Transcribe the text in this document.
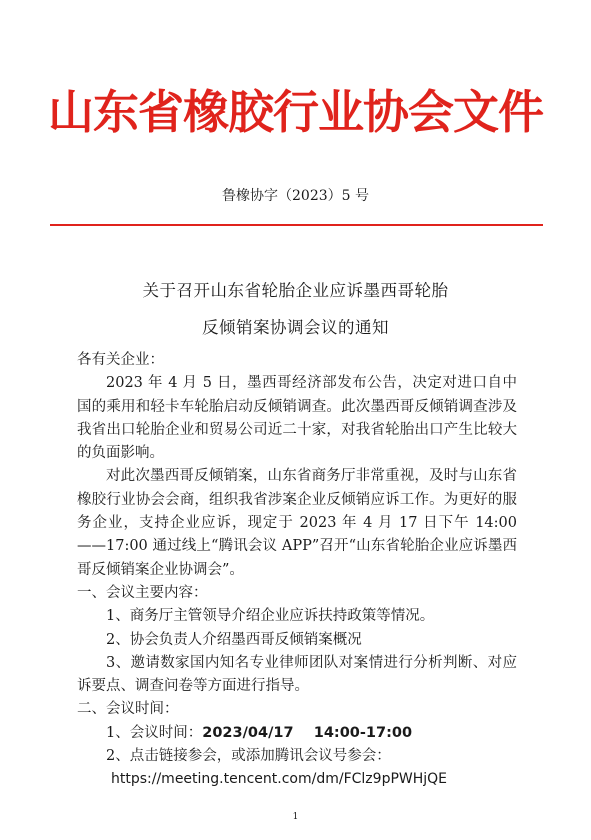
山东省橡胶行业协会文件
鲁橡协字（2023）5 号
关于召开山东省轮胎企业应诉墨西哥轮胎
反倾销案协调会议的通知

各有关企业：

2023 年 4 月 5 日，墨西哥经济部发布公告，决定对进口自中国的乘用和轻卡车轮胎启动反倾销调查。此次墨西哥反倾销调查涉及我省出口轮胎企业和贸易公司近二十家，对我省轮胎出口产生比较大的负面影响。

对此次墨西哥反倾销案，山东省商务厅非常重视，及时与山东省橡胶行业协会会商，组织我省涉案企业反倾销应诉工作。为更好的服务企业，支持企业应诉，现定于 2023 年 4 月 17 日下午 14:00——17:00 通过线上“腾讯会议 APP”召开“山东省轮胎企业应诉墨西哥反倾销案企业协调会”。

一、会议主要内容：

1、商务厅主管领导介绍企业应诉扶持政策等情况。

2、协会负责人介绍墨西哥反倾销案概况

3、邀请数家国内知名专业律师团队对案情进行分析判断、对应诉要点、调查问卷等方面进行指导。

二、会议时间：

1、会议时间：2023/04/17    14:00-17:00

2、点击链接参会，或添加腾讯会议号参会：

https://meeting.tencent.com/dm/FClz9pPWHjQE

1
